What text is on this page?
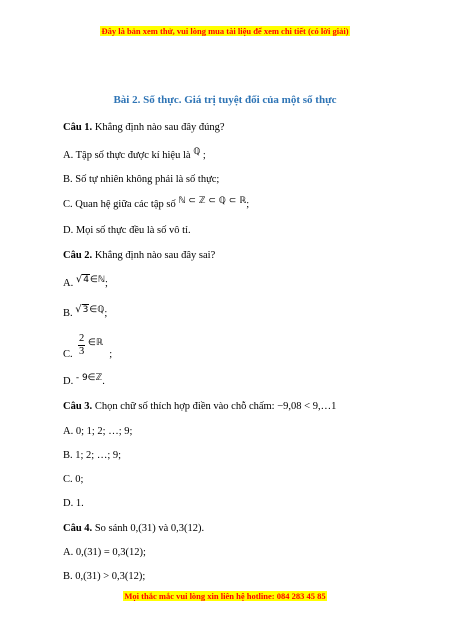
Đây là bản xem thử, vui lòng mua tài liệu để xem chi tiết (có lời giải)
Bài 2. Số thực. Giá trị tuyệt đối của một số thực
Câu 1. Khẳng định nào sau đây đúng?
A. Tập số thực được kí hiệu là ℚ ;
B. Số tự nhiên không phải là số thực;
C. Quan hệ giữa các tập số ℕ ⊂ ℤ ⊂ ℚ ⊂ ℝ;
D. Mọi số thực đều là số vô tỉ.
Câu 2. Khẳng định nào sau đây sai?
A. √4∈ℕ;
B. √3∈ℚ;
C.	;
$\frac{2}{3}$ ∈ℝ
D. - 9∈ℤ.
Câu 3. Chọn chữ số thích hợp điền vào chỗ chấm: −9,08 < 9,…1
A. 0; 1; 2; …; 9;
B. 1; 2; …; 9;
C. 0;
D. 1.
Câu 4. So sánh 0,(31) và 0,3(12).
A. 0,(31) = 0,3(12);
B. 0,(31) > 0,3(12);
Mọi thắc mắc vui lòng xin liên hệ hotline: 084 283 45 85
